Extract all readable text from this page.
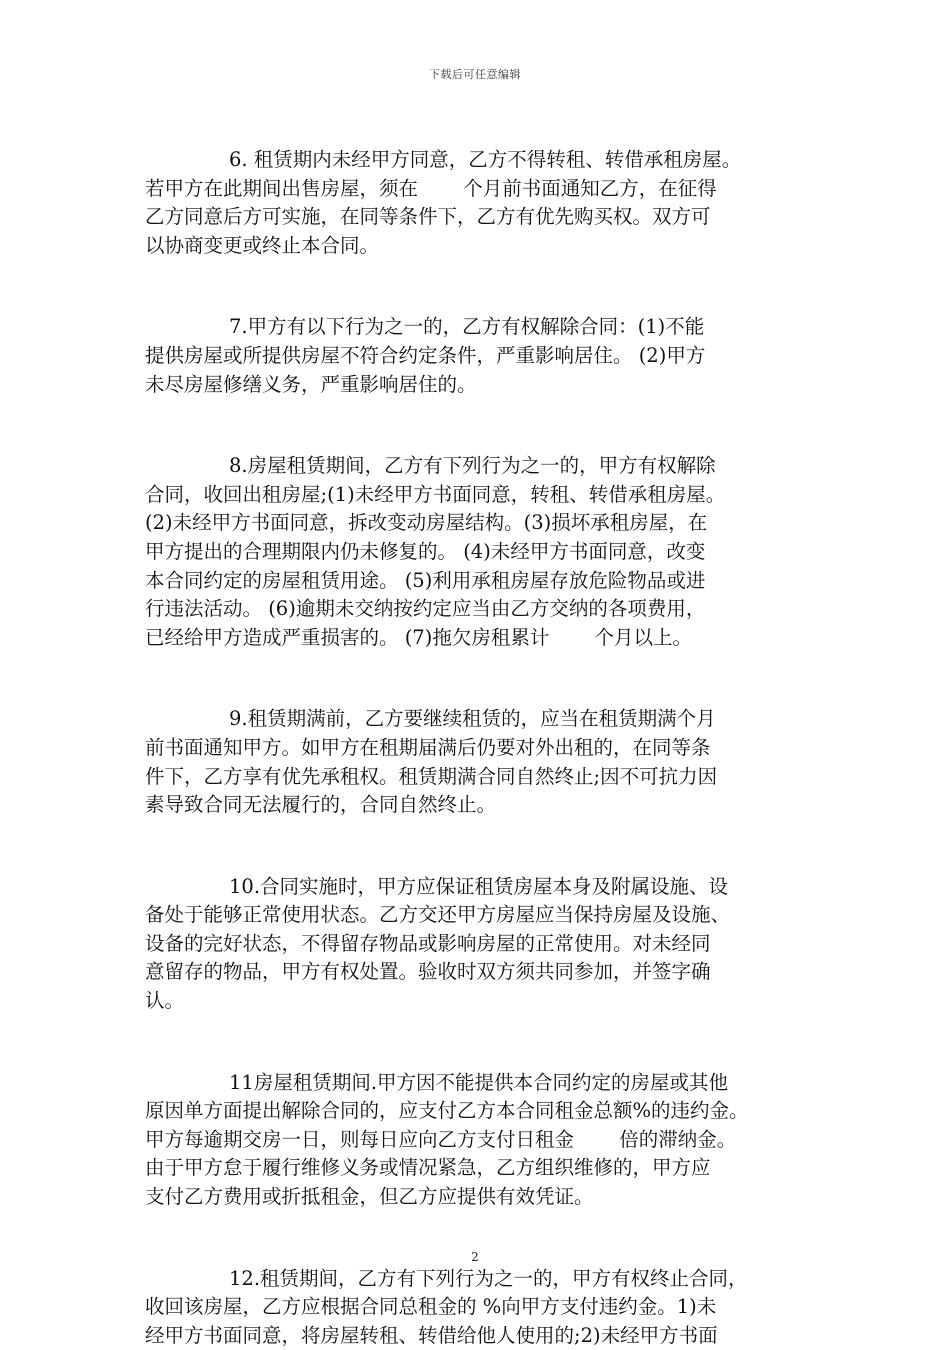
下载后可任意编辑
6. 租赁期内未经甲方同意，乙方不得转租、转借承租房屋。
若甲方在此期间出售房屋，须在　　 个月前书面通知乙方，在征得
乙方同意后方可实施，在同等条件下，乙方有优先购买权。双方可
以协商变更或终止本合同。
7.甲方有以下行为之一的，乙方有权解除合同：(1)不能
提供房屋或所提供房屋不符合约定条件，严重影响居住。 (2)甲方
未尽房屋修缮义务，严重影响居住的。
8.房屋租赁期间，乙方有下列行为之一的，甲方有权解除
合同，收回出租房屋;(1)未经甲方书面同意，转租、转借承租房屋。
(2)未经甲方书面同意，拆改变动房屋结构。(3)损坏承租房屋，在
甲方提出的合理期限内仍未修复的。 (4)未经甲方书面同意，改变
本合同约定的房屋租赁用途。 (5)利用承租房屋存放危险物品或进
行违法活动。 (6)逾期未交纳按约定应当由乙方交纳的各项费用，
已经给甲方造成严重损害的。 (7)拖欠房租累计　　 个月以上。
9.租赁期满前，乙方要继续租赁的，应当在租赁期满个月
前书面通知甲方。如甲方在租期届满后仍要对外出租的，在同等条
件下，乙方享有优先承租权。租赁期满合同自然终止;因不可抗力因
素导致合同无法履行的，合同自然终止。
10.合同实施时，甲方应保证租赁房屋本身及附属设施、设
备处于能够正常使用状态。乙方交还甲方房屋应当保持房屋及设施、
设备的完好状态，不得留存物品或影响房屋的正常使用。对未经同
意留存的物品，甲方有权处置。验收时双方须共同参加，并签字确
认。
11房屋租赁期间.甲方因不能提供本合同约定的房屋或其他
原因单方面提出解除合同的，应支付乙方本合同租金总额%的违约金。
甲方每逾期交房一日，则每日应向乙方支付日租金　　 倍的滞纳金。
由于甲方怠于履行维修义务或情况紧急，乙方组织维修的，甲方应
支付乙方费用或折抵租金，但乙方应提供有效凭证。
12.租赁期间，乙方有下列行为之一的，甲方有权终止合同，
收回该房屋，乙方应根据合同总租金的 %向甲方支付违约金。1)未
经甲方书面同意，将房屋转租、转借给他人使用的;2)未经甲方书面
2
